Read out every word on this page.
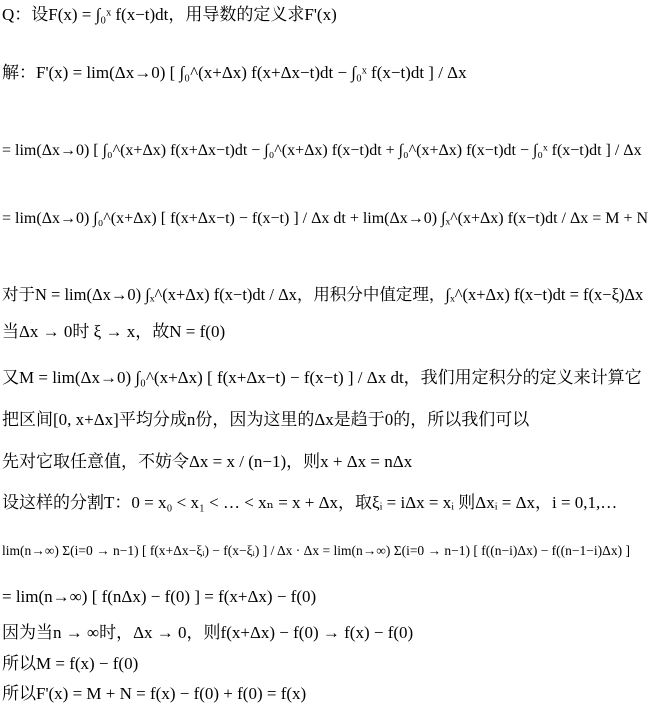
Q：设F(x) = ∫₀ˣ f(x−t)dt，用导数的定义求F'(x)
解：F'(x) = lim(Δx→0) [ ∫₀^(x+Δx) f(x+Δx−t)dt − ∫₀ˣ f(x−t)dt ] / Δx
= lim(Δx→0) [ ∫₀^(x+Δx) f(x+Δx−t)dt − ∫₀^(x+Δx) f(x−t)dt + ∫₀^(x+Δx) f(x−t)dt − ∫₀ˣ f(x−t)dt ] / Δx
= lim(Δx→0) ∫₀^(x+Δx) [ f(x+Δx−t) − f(x−t) ] / Δx dt + lim(Δx→0) ∫ₓ^(x+Δx) f(x−t)dt / Δx = M + N
对于N = lim(Δx→0) ∫ₓ^(x+Δx) f(x−t)dt / Δx，用积分中值定理，∫ₓ^(x+Δx) f(x−t)dt = f(x−ξ)Δx
当Δx → 0时 ξ → x，故N = f(0)
又M = lim(Δx→0) ∫₀^(x+Δx) [ f(x+Δx−t) − f(x−t) ] / Δx dt，我们用定积分的定义来计算它
把区间[0, x+Δx]平均分成n份，因为这里的Δx是趋于0的，所以我们可以
先对它取任意值，不妨令Δx = x / (n−1)，则x + Δx = nΔx
设这样的分割T：0 = x₀ < x₁ < … < xₙ = x + Δx，取ξᵢ = iΔx = xᵢ 则Δxᵢ = Δx，i = 0,1,…
lim(n→∞) Σ(i=0 → n−1) [ f(x+Δx−ξᵢ) − f(x−ξᵢ) ] / Δx · Δx = lim(n→∞) Σ(i=0 → n−1) [ f((n−i)Δx) − f((n−1−i)Δx) ]
= lim(n→∞) [ f(nΔx) − f(0) ] = f(x+Δx) − f(0)
因为当n → ∞时，Δx → 0，则f(x+Δx) − f(0) → f(x) − f(0)
所以M = f(x) − f(0)
所以F'(x) = M + N = f(x) − f(0) + f(0) = f(x)
